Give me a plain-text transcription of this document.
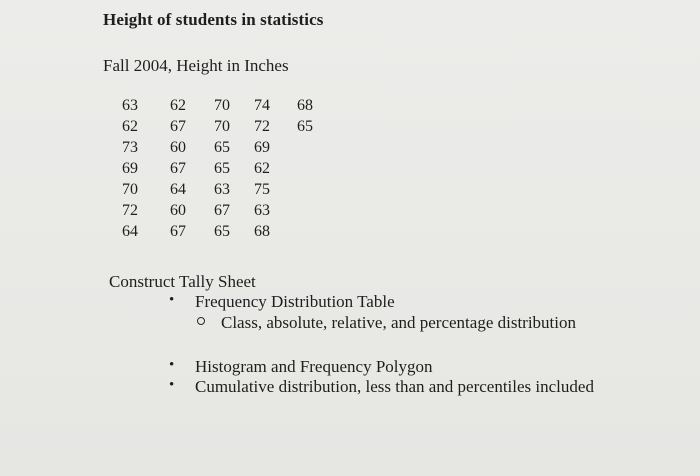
Height of students in statistics
Fall 2004, Height in Inches
63	62	70	74	68
62	67	70	72	65
73	60	65	69
69	67	65	62
70	64	63	75
72	60	67	63
64	67	65	68
Construct Tally Sheet
• Frequency Distribution Table
Class, absolute, relative, and percentage distribution
• Histogram and Frequency Polygon
• Cumulative distribution, less than and percentiles included
